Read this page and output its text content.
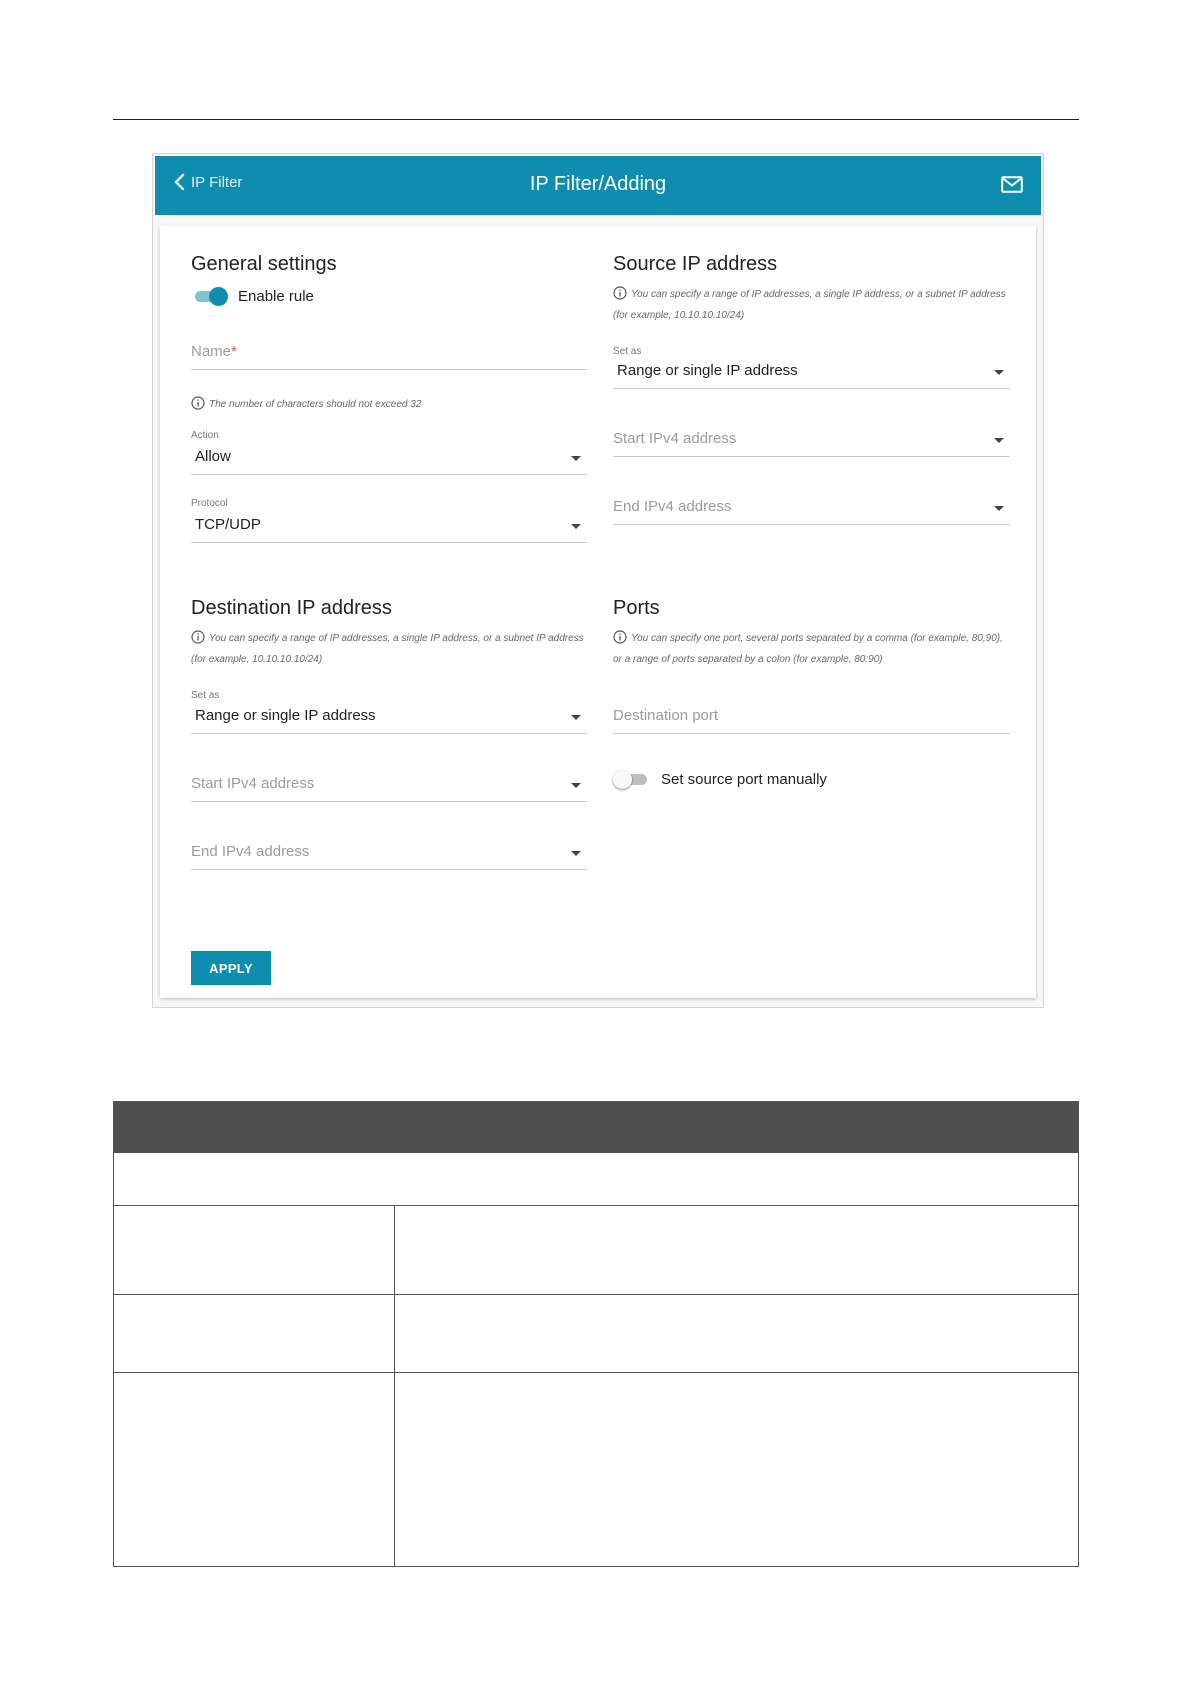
IP Filter	IP Filter/Adding
General settings
Enable rule
Name*
The number of characters should not exceed 32
Action
Allow
Protocol
TCP/UDP
Source IP address
You can specify a range of IP addresses, a single IP address, or a subnet IP address (for example, 10.10.10.10/24)
Set as
Range or single IP address
Start IPv4 address
End IPv4 address
Destination IP address
You can specify a range of IP addresses, a single IP address, or a subnet IP address (for example, 10.10.10.10/24)
Set as
Range or single IP address
Start IPv4 address
End IPv4 address
Ports
You can specify one port, several ports separated by a comma (for example, 80,90), or a range of ports separated by a colon (for example, 80:90)
Destination port
Set source port manually
APPLY
